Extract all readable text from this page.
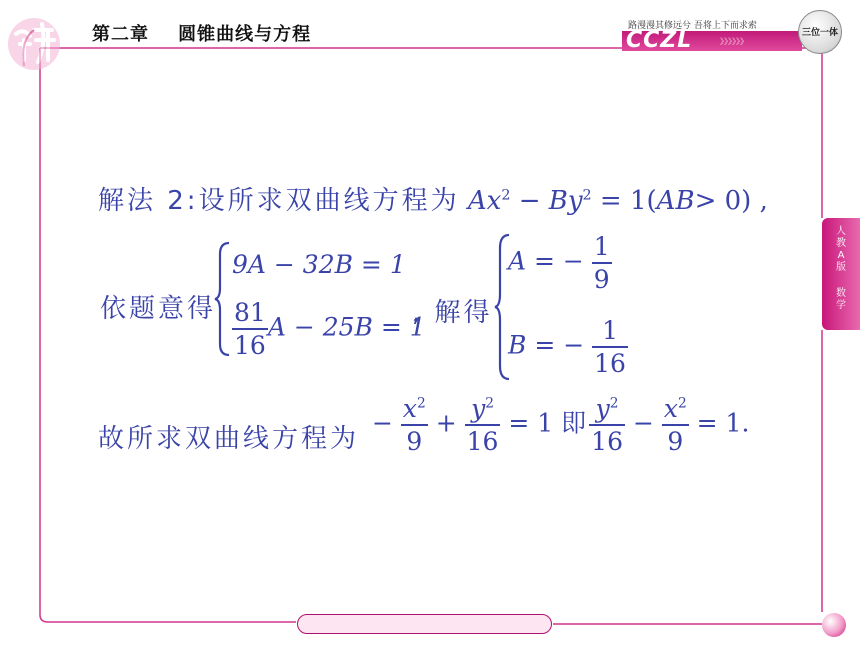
第二章 圆锥曲线与方程	路漫漫其修远兮 吾将上下而求索
CCZL	》》》》》》
三位一体
人
教
A
版
数
学
解法 2:设所求双曲线方程为 $Ax^2 - By^2 = 1(AB> 0)$ ,
依题意得
9A − 32B = 1
$\frac{81}{16}$ A − 25B = 1
, 解得
A = − $\frac{1}{9}$
B = − $\frac{1}{16}$
故所求双曲线方程为
− $\frac{x^2}{9} + \frac{y^2}{16} = 1$ 即 $\frac{y^2}{16} - \frac{x^2}{9} = 1$.
